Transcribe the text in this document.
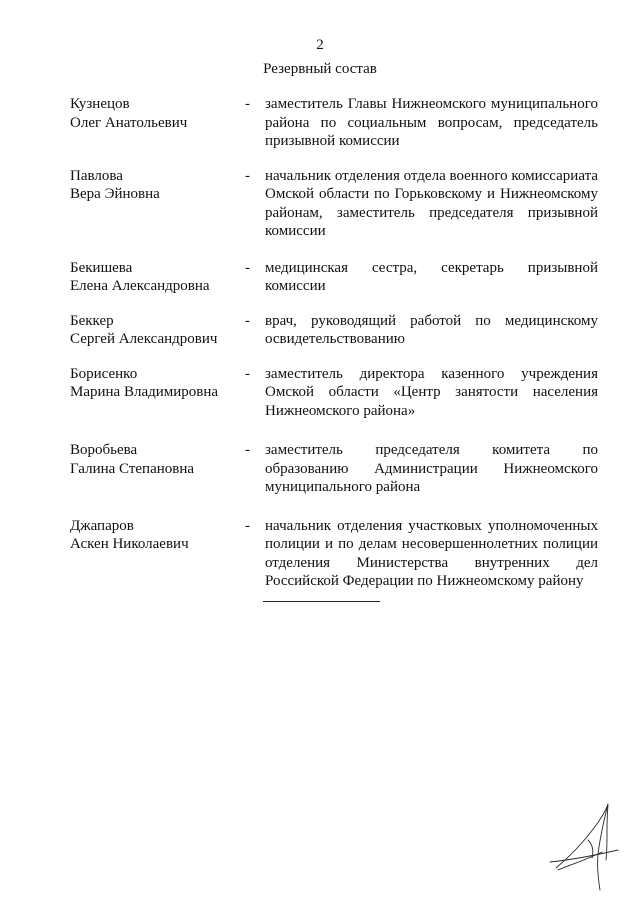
2
Резервный состав
Кузнецов
Олег Анатольевич
-	заместитель Главы Нижнеомского муниципального района по социальным вопросам, председатель призывной комиссии
Павлова
Вера Эйновна
-	начальник отделения отдела военного комиссариата Омской области по Горьковскому и Нижнеомскому районам, заместитель председателя призывной комиссии
Бекишева
Елена Александровна
-	медицинская сестра, секретарь призывной комиссии
Беккер
Сергей Александрович
-	врач, руководящий работой по медицинскому освидетельствованию
Борисенко
Марина Владимировна
-	заместитель директора казенного учреждения Омской области «Центр занятости населения Нижнеомского района»
Воробьева
Галина Степановна
-	заместитель председателя комитета по образованию Администрации Нижнеомского муниципального района
Джапаров
Аскен Николаевич
-	начальник отделения участковых уполномоченных полиции и по делам несовершеннолетних полиции отделения Министерства внутренних дел Российской Федерации по Нижнеомскому району
